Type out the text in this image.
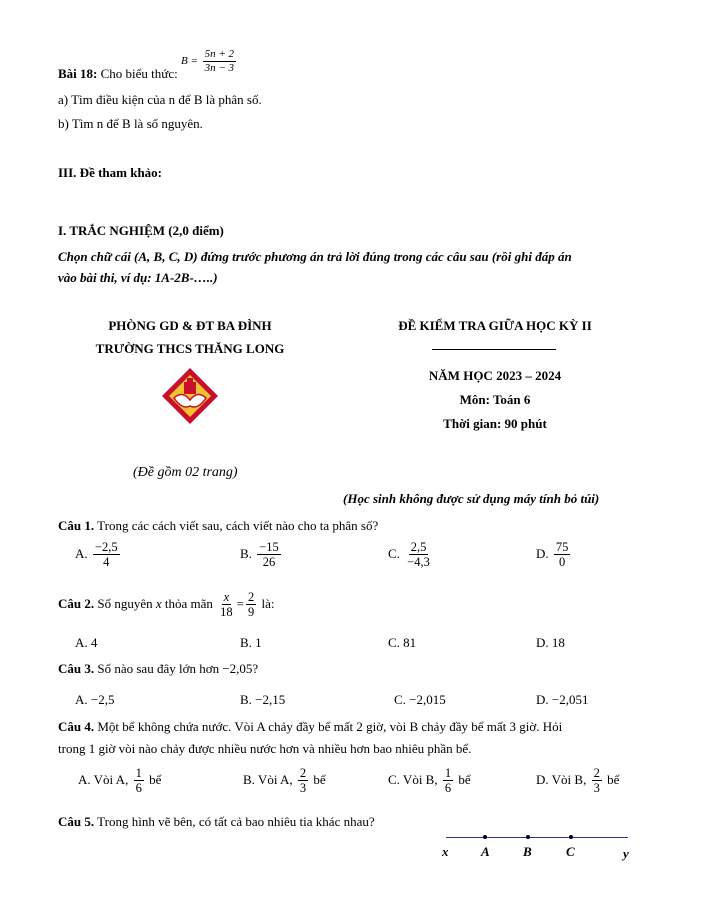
Bài 18: Cho biểu thức: $B = \frac{5n + 2}{3n - 3}$
a) Tìm điều kiện của n để B là phân số.
b) Tìm n để B là số nguyên.
III. Đề tham khảo:
I. TRẮC NGHIỆM (2,0 điểm)
Chọn chữ cái (A, B, C, D) đứng trước phương án trả lời đúng trong các câu sau (rồi ghi đáp án
vào bài thi, ví dụ: 1A-2B-…..)
PHÒNG GD & ĐT BA ĐÌNH
TRƯỜNG THCS THĂNG LONG
ĐỀ KIỂM TRA GIỮA HỌC KỲ II
NĂM HỌC 2023 – 2024
Môn: Toán 6
Thời gian: 90 phút
(Đề gồm 02 trang)
(Học sinh không được sử dụng máy tính bỏ túi)
Câu 1. Trong các cách viết sau, cách viết nào cho ta phân số?
A. $\frac{-2,5}{4}$	B. $\frac{-15}{26}$	C. $\frac{2,5}{-4,3}$	D. $\frac{75}{0}$
Câu 2. Số nguyên x thỏa mãn $\frac{x}{18} = \frac{2}{9}$ là:
A. 4	B. 1	C. 81	D. 18
Câu 3. Số nào sau đây lớn hơn −2,05?
A. −2,5	B. −2,15	C. −2,015	D. −2,051
Câu 4. Một bể không chứa nước. Vòi A chảy đầy bể mất 2 giờ, vòi B chảy đầy bể mất 3 giờ. Hỏi
trong 1 giờ vòi nào chảy được nhiều nước hơn và nhiều hơn bao nhiêu phần bể.
A. Vòi A, $\frac{1}{6}$ bể	B. Vòi A, $\frac{2}{3}$ bể	C. Vòi B, $\frac{1}{6}$ bể	D. Vòi B, $\frac{2}{3}$ bể
Câu 5. Trong hình vẽ bên, có tất cả bao nhiêu tia khác nhau?
x	A	B	C	y
